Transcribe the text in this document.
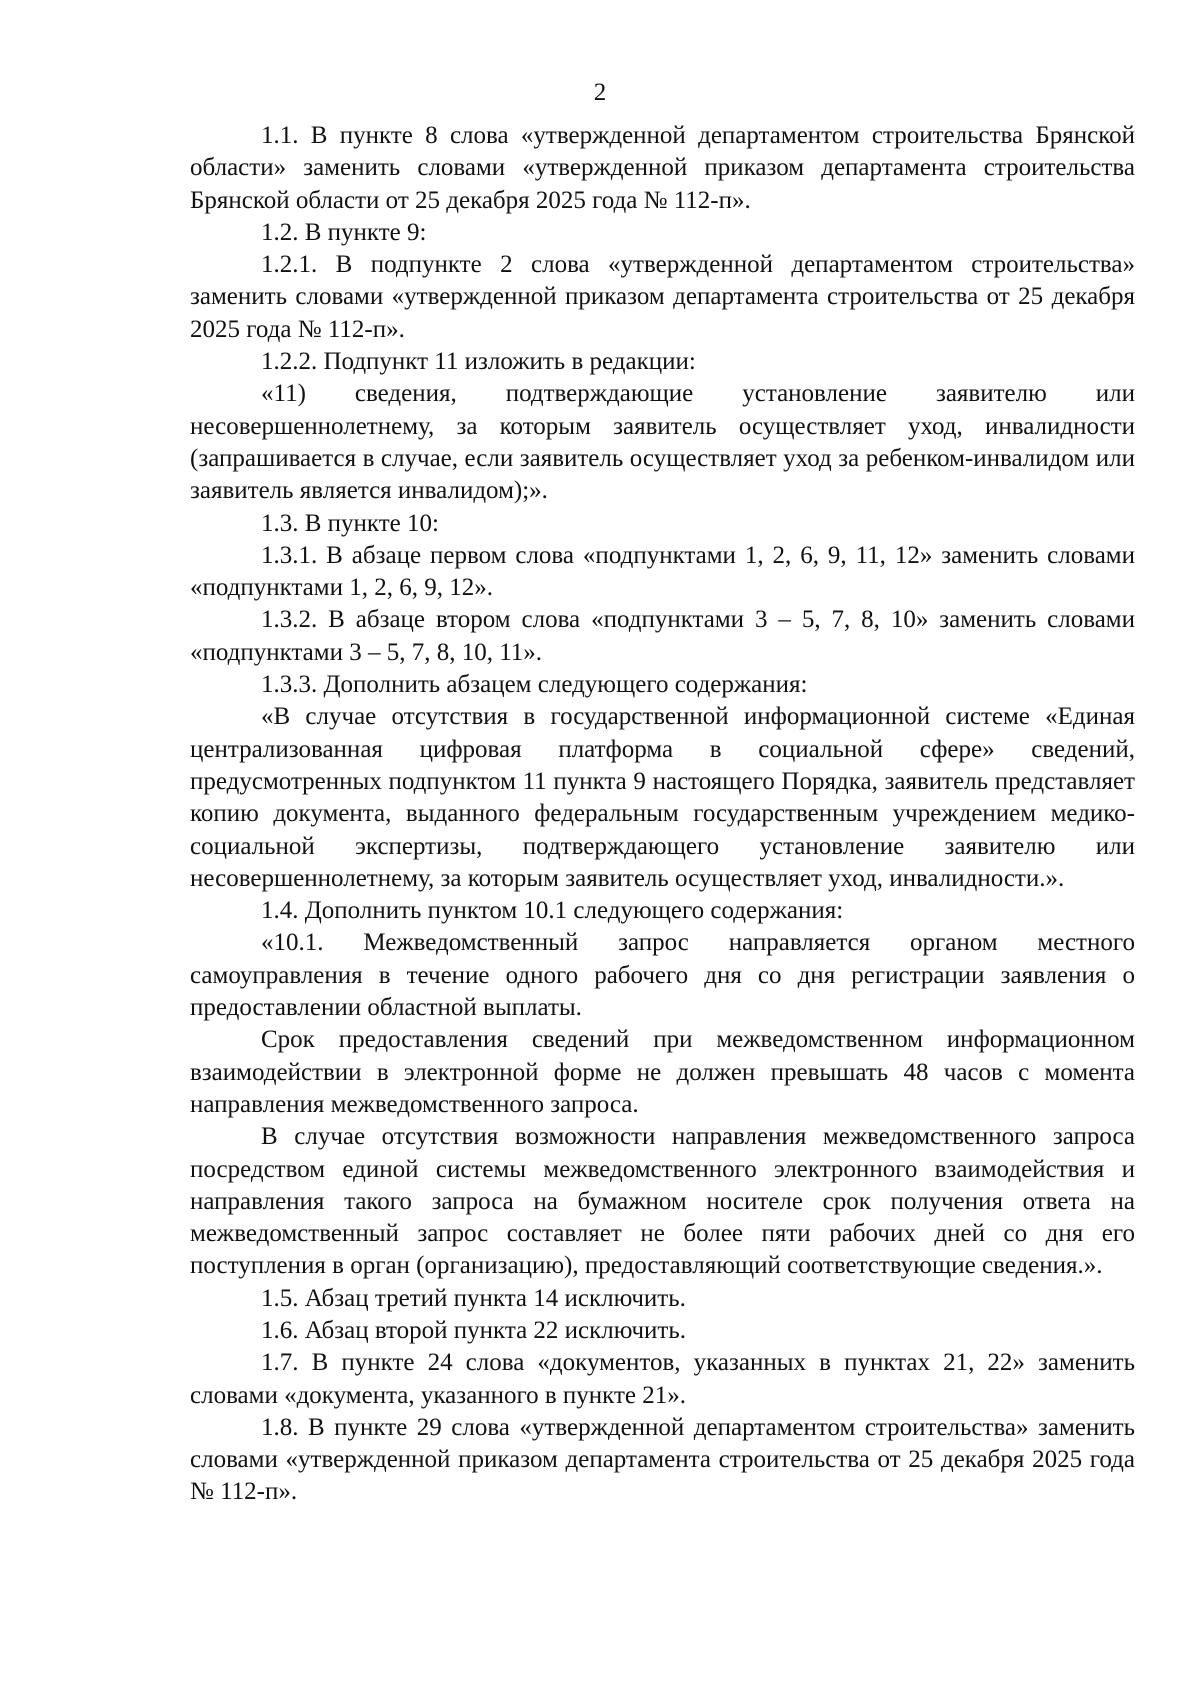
2

1.1. В пункте 8 слова «утвержденной департаментом строительства Брянской области» заменить словами «утвержденной приказом департамента строительства Брянской области от 25 декабря 2025 года № 112-п».

1.2. В пункте 9:

1.2.1. В подпункте 2 слова «утвержденной департаментом строительства» заменить словами «утвержденной приказом департамента строительства от 25 декабря 2025 года № 112-п».

1.2.2. Подпункт 11 изложить в редакции:

«11) сведения, подтверждающие установление заявителю или несовершеннолетнему, за которым заявитель осуществляет уход, инвалидности (запрашивается в случае, если заявитель осуществляет уход за ребенком-инвалидом или заявитель является инвалидом);».

1.3. В пункте 10:

1.3.1. В абзаце первом слова «подпунктами 1, 2, 6, 9, 11, 12» заменить словами «подпунктами 1, 2, 6, 9, 12».

1.3.2. В абзаце втором слова «подпунктами 3 – 5, 7, 8, 10» заменить словами «подпунктами 3 – 5, 7, 8, 10, 11».

1.3.3. Дополнить абзацем следующего содержания:

«В случае отсутствия в государственной информационной системе «Единая централизованная цифровая платформа в социальной сфере» сведений, предусмотренных подпунктом 11 пункта 9 настоящего Порядка, заявитель представляет копию документа, выданного федеральным государственным учреждением медико-социальной экспертизы, подтверждающего установление заявителю или несовершеннолетнему, за которым заявитель осуществляет уход, инвалидности.».

1.4. Дополнить пунктом 10.1 следующего содержания:

«10.1. Межведомственный запрос направляется органом местного самоуправления в течение одного рабочего дня со дня регистрации заявления о предоставлении областной выплаты.

Срок предоставления сведений при межведомственном информационном взаимодействии в электронной форме не должен превышать 48 часов с момента направления межведомственного запроса.

В случае отсутствия возможности направления межведомственного запроса посредством единой системы межведомственного электронного взаимодействия и направления такого запроса на бумажном носителе срок получения ответа на межведомственный запрос составляет не более пяти рабочих дней со дня его поступления в орган (организацию), предоставляющий соответствующие сведения.».

1.5. Абзац третий пункта 14 исключить.

1.6. Абзац второй пункта 22 исключить.

1.7. В пункте 24 слова «документов, указанных в пунктах 21, 22» заменить словами «документа, указанного в пункте 21».

1.8. В пункте 29 слова «утвержденной департаментом строительства» заменить словами «утвержденной приказом департамента строительства от 25 декабря 2025 года № 112-п».
